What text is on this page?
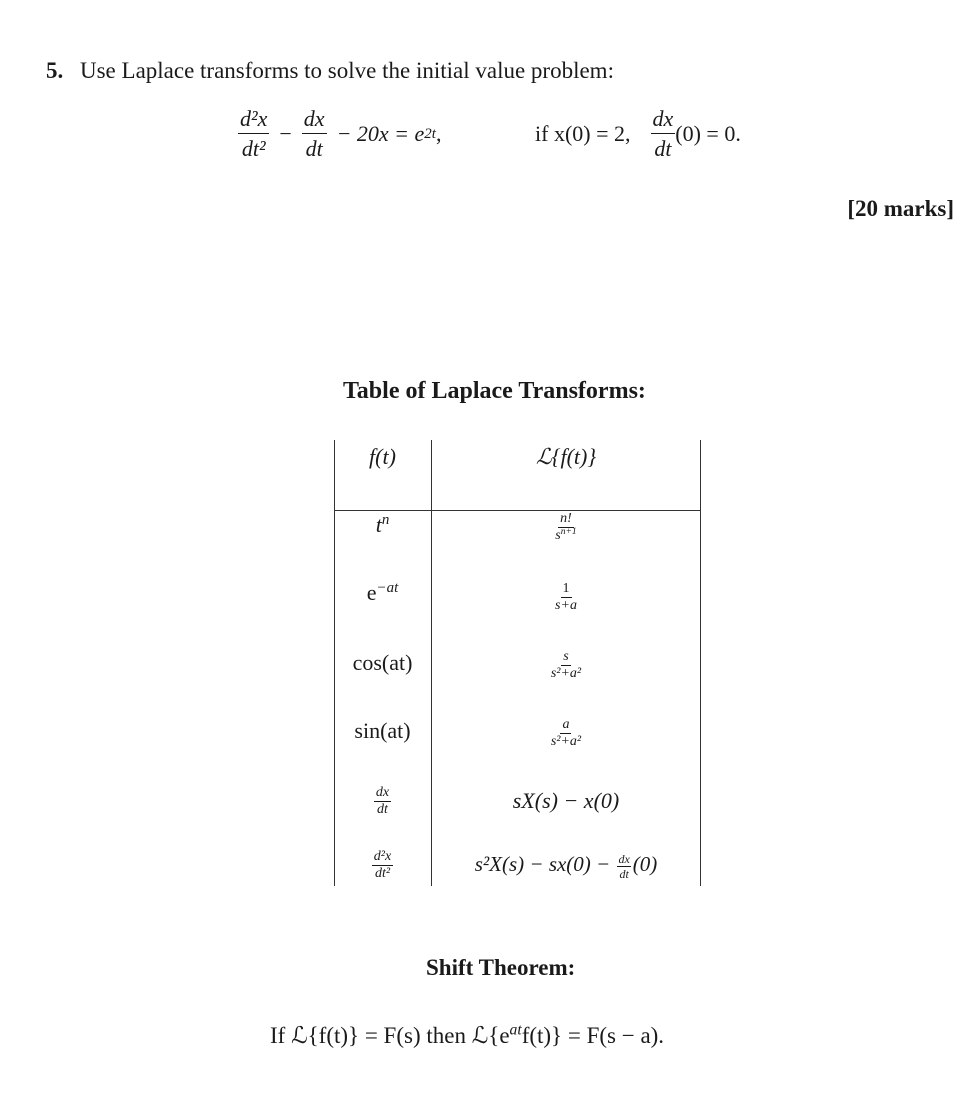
5. Use Laplace transforms to solve the initial value problem:
$\frac{\text{d²x}}{\text{dt²}} - \frac{dx}{dt} - 20x = e$ 2t ,	if x(0) = 2, $\frac{dx}{dt} (0) = 0$.
[20 marks]
Table of Laplace Transforms:
f(t)	ℒ{f(t)}
$t^n$	$\frac{n!}{s^{n+1}}$
$e^{-at}$	$\frac{1}{s+a}$
cos(at)	$\frac{s}{\text{s²+a²}}$
sin(at)	$\frac{a}{\text{s²+a²}}$
$\frac{dx}{dt}$	sX(s) − x(0)
$\frac{\text{d²x}}{\text{dt²}}$	$s^2X(s) - sx(0) - \frac{dx}{dt} (0)$
Shift Theorem:
If ℒ{f(t)} = F(s) then $ℒ\{e^{at}f(t)\} = F(s - a)$.
